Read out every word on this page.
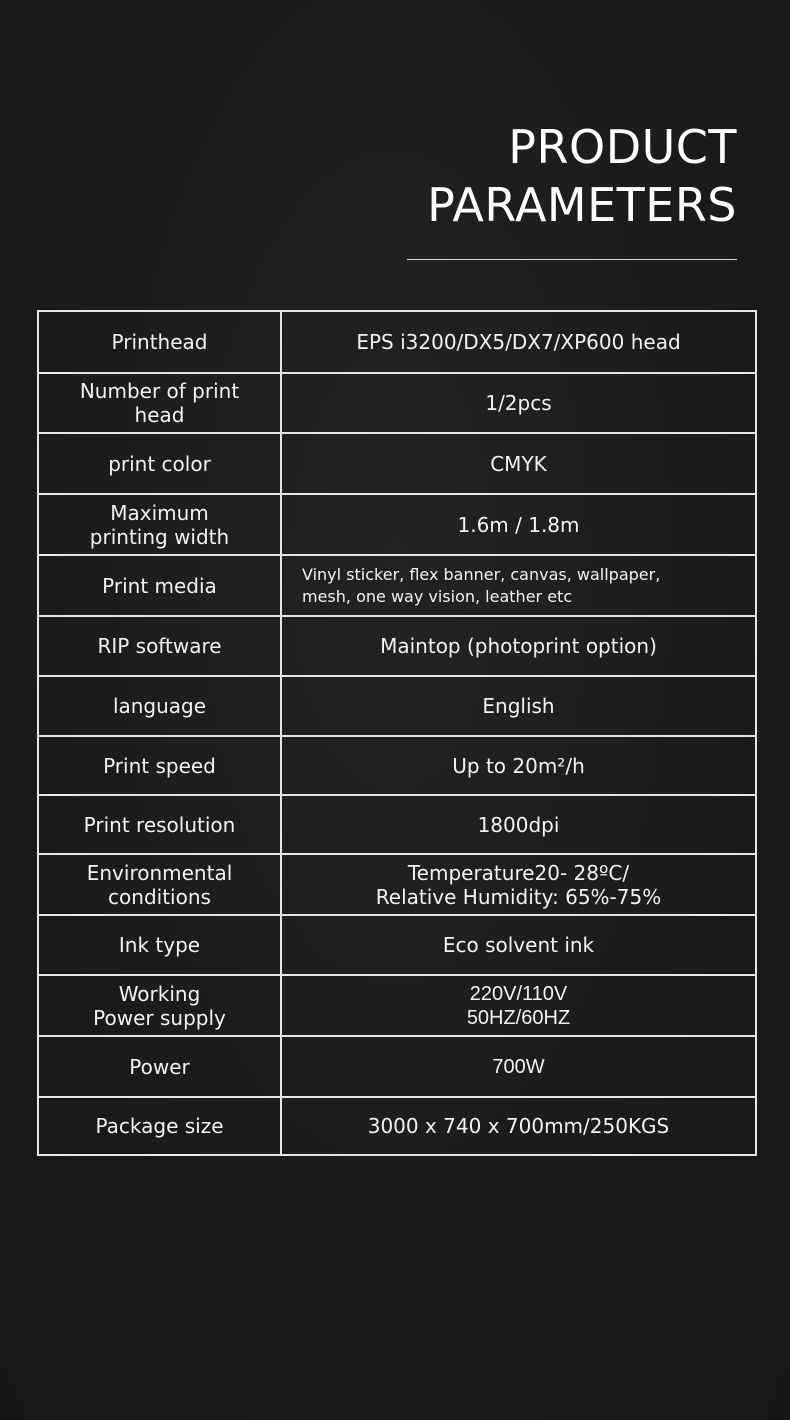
PRODUCT
PARAMETERS
Printhead	EPS i3200/DX5/DX7/XP600 head

Number of print
head	1/2pcs

print color	CMYK

Maximum
printing width	1.6m / 1.8m

Print media	Vinyl sticker, flex banner, canvas, wallpaper,
mesh, one way vision, leather etc

RIP software	Maintop (photoprint option)

language	English

Print speed	Up to 20m²/h

Print resolution	1800dpi

Environmental
conditions	Temperature20- 28ºC/
Relative Humidity: 65%-75%

Ink type	Eco solvent ink

Working
Power supply	220V/110V
50HZ/60HZ

Power	700W

Package size	3000 x 740 x 700mm/250KGS
